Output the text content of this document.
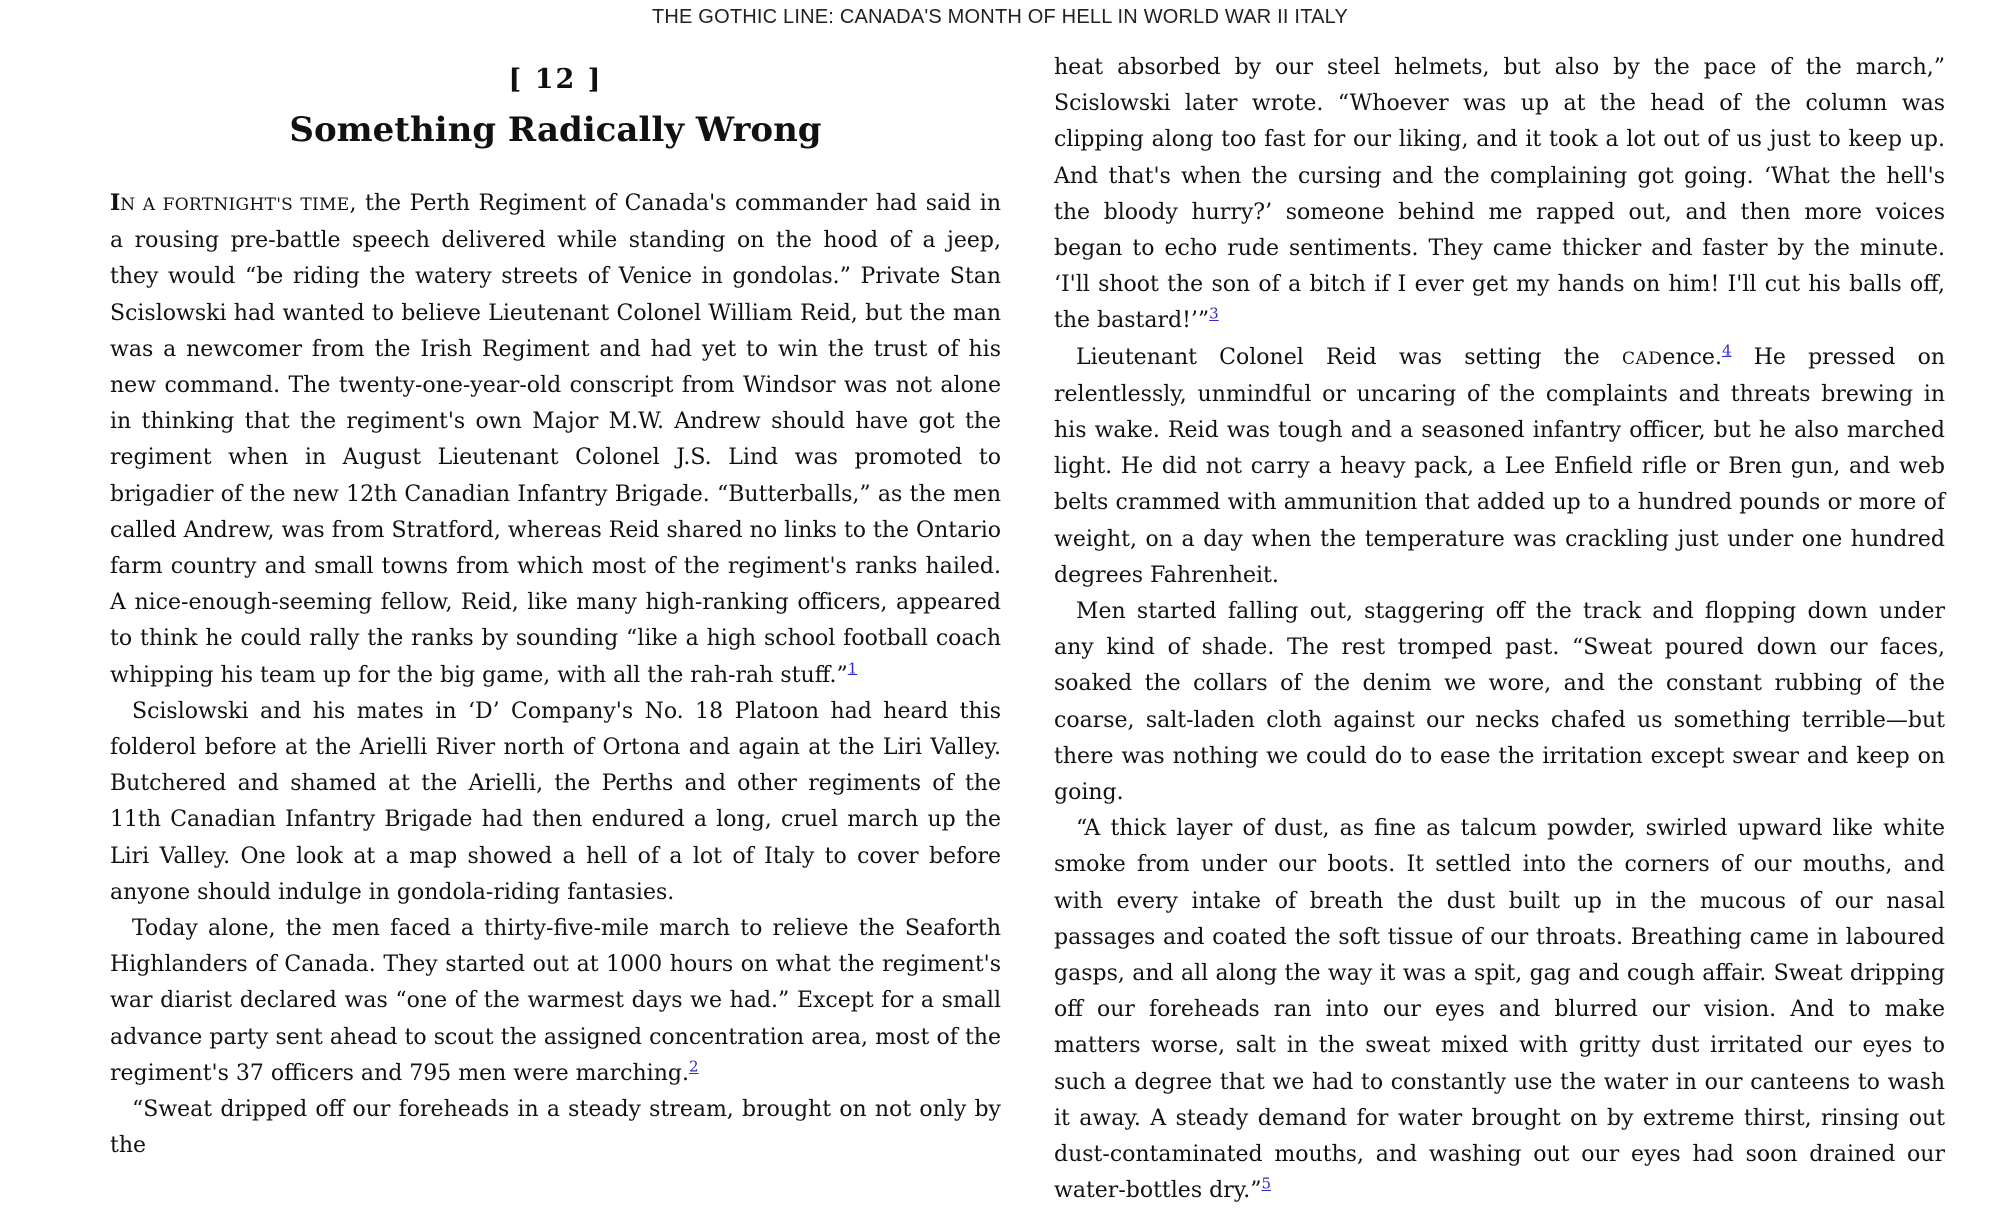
THE GOTHIC LINE: CANADA'S MONTH OF HELL IN WORLD WAR II ITALY
[ 12 ]
Something Radically Wrong

IN A FORTNIGHT'S TIME, the Perth Regiment of Canada's commander had said in a rousing pre-battle speech delivered while standing on the hood of a jeep, they would “be riding the watery streets of Venice in gondolas.” Private Stan Scislowski had wanted to believe Lieutenant Colonel William Reid, but the man was a newcomer from the Irish Regiment and had yet to win the trust of his new command. The twenty-one-year-old conscript from Windsor was not alone in thinking that the regiment's own Major M.W. Andrew should have got the regiment when in August Lieutenant Colonel J.S. Lind was promoted to brigadier of the new 12th Canadian Infantry Brigade. “Butterballs,” as the men called Andrew, was from Stratford, whereas Reid shared no links to the Ontario farm country and small towns from which most of the regiment's ranks hailed. A nice-enough-seeming fellow, Reid, like many high-ranking officers, appeared to think he could rally the ranks by sounding “like a high school football coach whipping his team up for the big game, with all the rah-rah stuff.”$^1$

Scislowski and his mates in ‘D’ Company's No. 18 Platoon had heard this folderol before at the Arielli River north of Ortona and again at the Liri Valley. Butchered and shamed at the Arielli, the Perths and other regiments of the 11th Canadian Infantry Brigade had then endured a long, cruel march up the Liri Valley. One look at a map showed a hell of a lot of Italy to cover before anyone should indulge in gondola-riding fantasies.

Today alone, the men faced a thirty-five-mile march to relieve the Seaforth Highlanders of Canada. They started out at 1000 hours on what the regiment's war diarist declared was “one of the warmest days we had.” Except for a small advance party sent ahead to scout the assigned concentration area, most of the regiment's 37 officers and 795 men were marching.$^2$

“Sweat dripped off our foreheads in a steady stream, brought on not only by the

heat absorbed by our steel helmets, but also by the pace of the march,” Scislowski later wrote. “Whoever was up at the head of the column was clipping along too fast for our liking, and it took a lot out of us just to keep up. And that's when the cursing and the complaining got going. ‘What the hell's the bloody hurry?’ someone behind me rapped out, and then more voices began to echo rude sentiments. They came thicker and faster by the minute. ‘I'll shoot the son of a bitch if I ever get my hands on him! I'll cut his balls off, the bastard!’”$^3$

Lieutenant Colonel Reid was setting the CADence.$^4$ He pressed on relentlessly, unmindful or uncaring of the complaints and threats brewing in his wake. Reid was tough and a seasoned infantry officer, but he also marched light. He did not carry a heavy pack, a Lee Enfield rifle or Bren gun, and web belts crammed with ammunition that added up to a hundred pounds or more of weight, on a day when the temperature was crackling just under one hundred degrees Fahrenheit.

Men started falling out, staggering off the track and flopping down under any kind of shade. The rest tromped past. “Sweat poured down our faces, soaked the collars of the denim we wore, and the constant rubbing of the coarse, salt-laden cloth against our necks chafed us something terrible—but there was nothing we could do to ease the irritation except swear and keep on going.

“A thick layer of dust, as fine as talcum powder, swirled upward like white smoke from under our boots. It settled into the corners of our mouths, and with every intake of breath the dust built up in the mucous of our nasal passages and coated the soft tissue of our throats. Breathing came in laboured gasps, and all along the way it was a spit, gag and cough affair. Sweat dripping off our foreheads ran into our eyes and blurred our vision. And to make matters worse, salt in the sweat mixed with gritty dust irritated our eyes to such a degree that we had to constantly use the water in our canteens to wash it away. A steady demand for water brought on by extreme thirst, rinsing out dust-contaminated mouths, and washing out our eyes had soon drained our water-bottles dry.”$^5$
